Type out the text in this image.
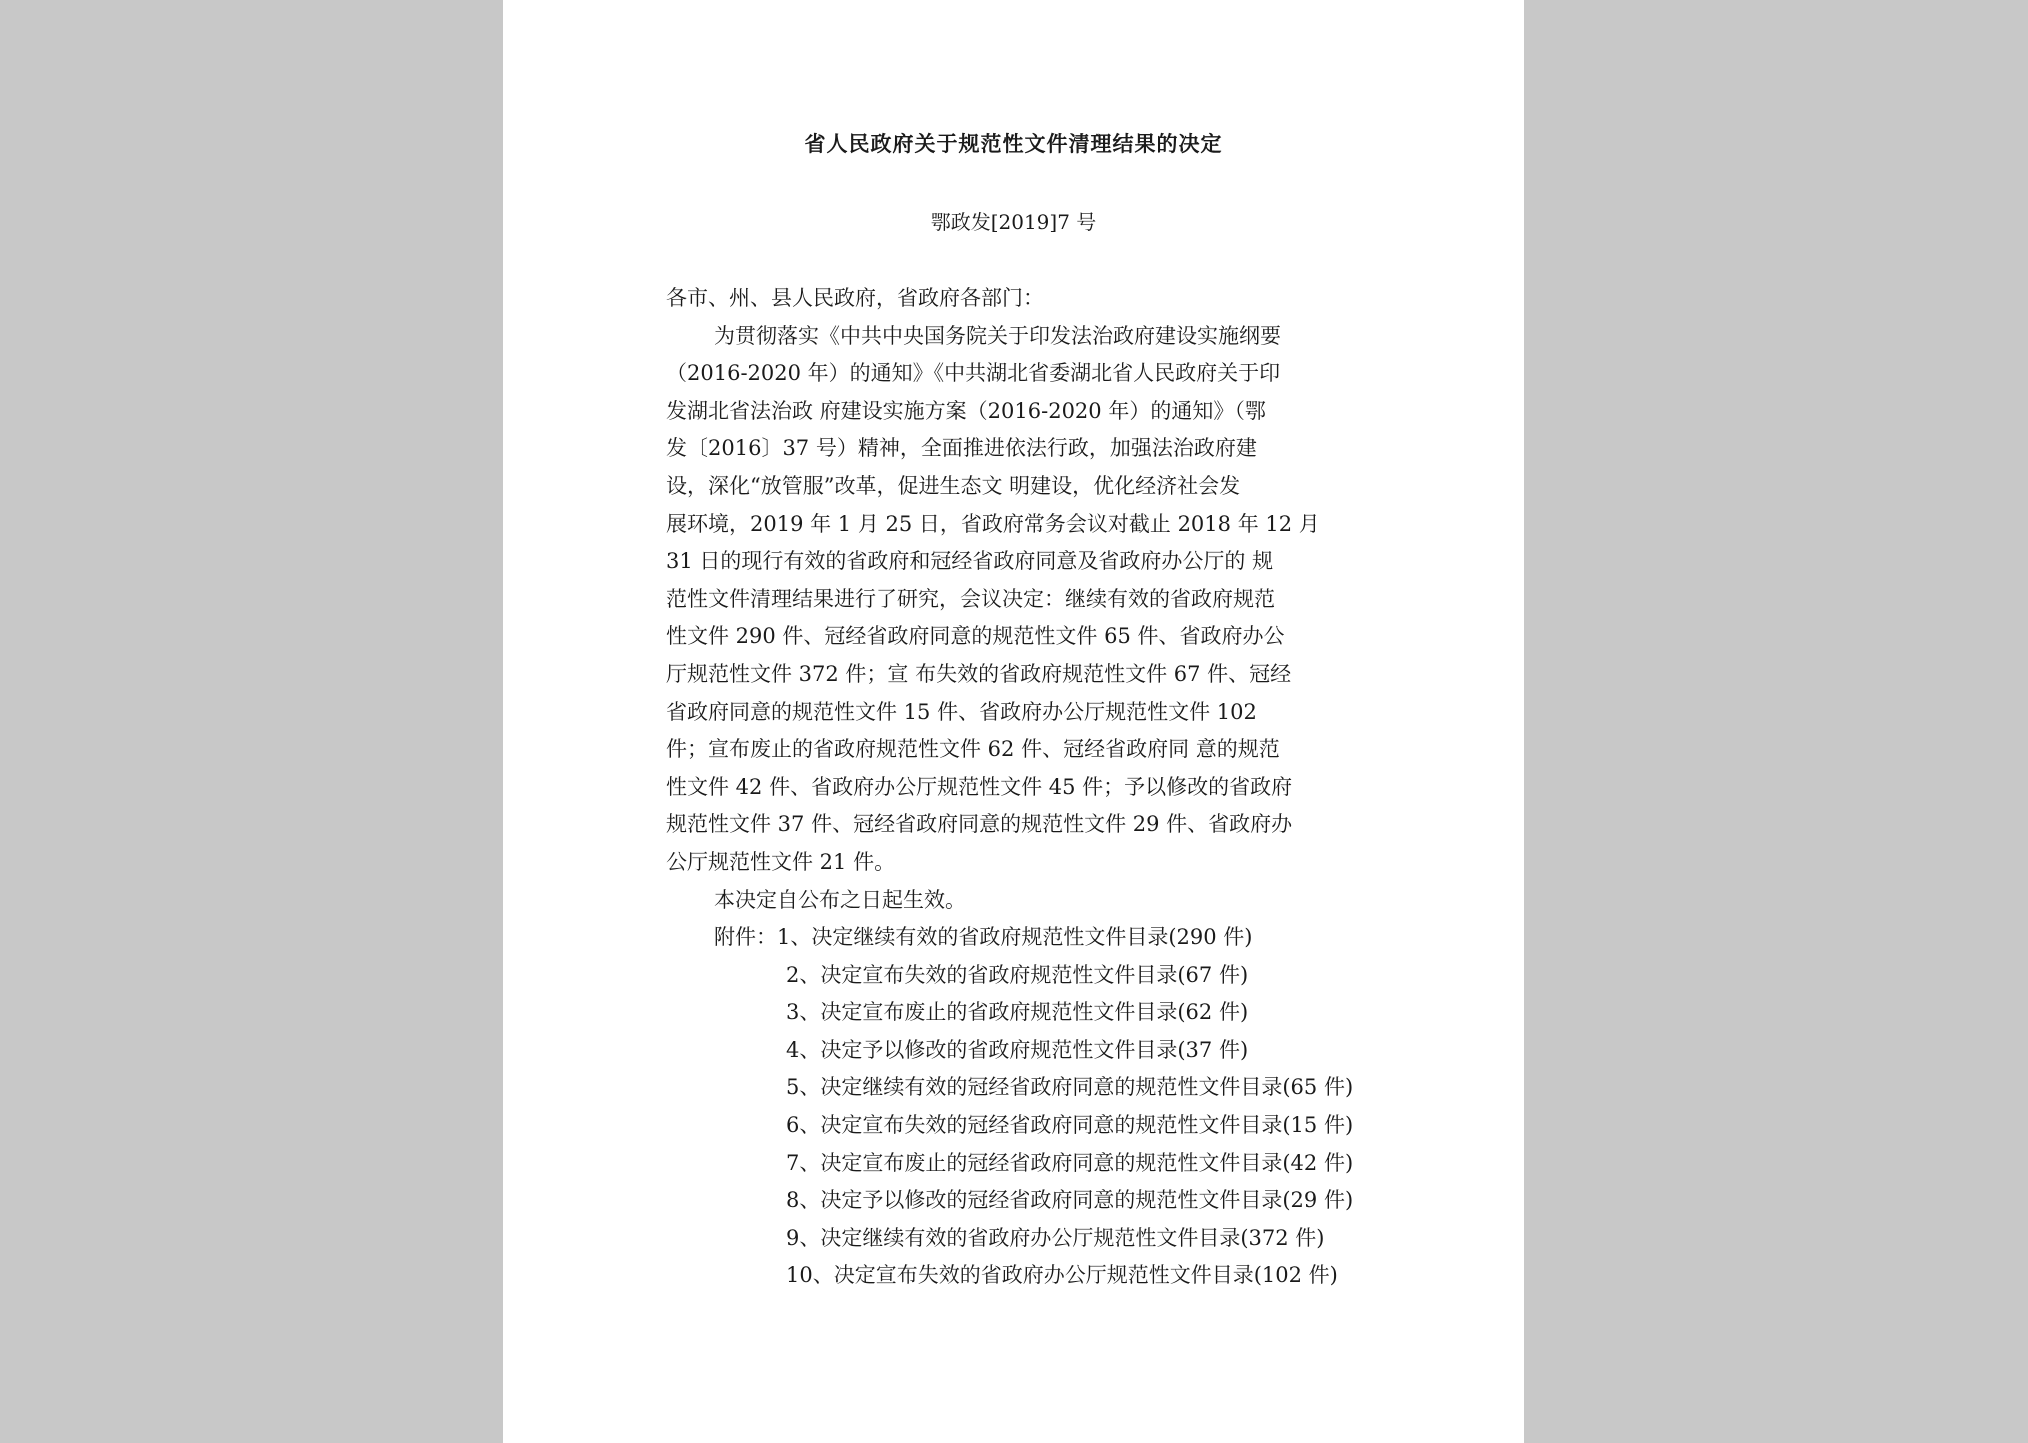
省人民政府关于规范性文件清理结果的决定
鄂政发[2019]7 号
各市、州、县人民政府，省政府各部门：
为贯彻落实《中共中央国务院关于印发法治政府建设实施纲要
（2016-2020 年）的通知》《中共湖北省委湖北省人民政府关于印
发湖北省法治政 府建设实施方案（2016-2020 年）的通知》（鄂
发〔2016〕37 号）精神，全面推进依法行政，加强法治政府建
设，深化“放管服”改革，促进生态文 明建设，优化经济社会发
展环境，2019 年 1 月 25 日，省政府常务会议对截止 2018 年 12 月
31 日的现行有效的省政府和冠经省政府同意及省政府办公厅的 规
范性文件清理结果进行了研究，会议决定：继续有效的省政府规范
性文件 290 件、冠经省政府同意的规范性文件 65 件、省政府办公
厅规范性文件 372 件；宣 布失效的省政府规范性文件 67 件、冠经
省政府同意的规范性文件 15 件、省政府办公厅规范性文件 102
件；宣布废止的省政府规范性文件 62 件、冠经省政府同 意的规范
性文件 42 件、省政府办公厅规范性文件 45 件；予以修改的省政府
规范性文件 37 件、冠经省政府同意的规范性文件 29 件、省政府办
公厅规范性文件 21 件。
本决定自公布之日起生效。
附件：1、决定继续有效的省政府规范性文件目录(290 件)
2、决定宣布失效的省政府规范性文件目录(67 件)
3、决定宣布废止的省政府规范性文件目录(62 件)
4、决定予以修改的省政府规范性文件目录(37 件)
5、决定继续有效的冠经省政府同意的规范性文件目录(65 件)
6、决定宣布失效的冠经省政府同意的规范性文件目录(15 件)
7、决定宣布废止的冠经省政府同意的规范性文件目录(42 件)
8、决定予以修改的冠经省政府同意的规范性文件目录(29 件)
9、决定继续有效的省政府办公厅规范性文件目录(372 件)
10、决定宣布失效的省政府办公厅规范性文件目录(102 件)
